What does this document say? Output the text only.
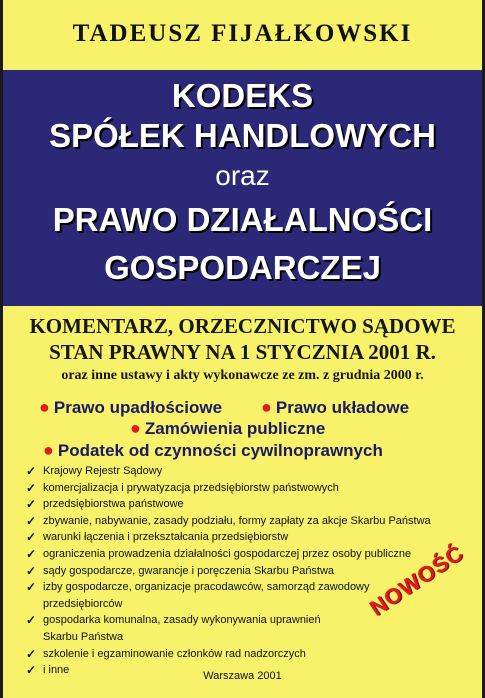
TADEUSZ FIJAŁKOWSKI
KODEKS
SPÓŁEK HANDLOWYCH
oraz
PRAWO DZIAŁALNOŚCI
GOSPODARCZEJ
KOMENTARZ, ORZECZNICTWO SĄDOWE
STAN PRAWNY NA 1 STYCZNIA 2001 R.
oraz inne ustawy i akty wykonawcze ze zm. z grudnia 2000 r.
● Prawo upadłościowe ● Prawo układowe
● Zamówienia publiczne
● Podatek od czynności cywilnoprawnych
✓ Krajowy Rejestr Sądowy
✓ komercjalizacja i prywatyzacja przedsiębiorstw państwowych
✓ przedsiębiorstwa państwowe
✓ zbywanie, nabywanie, zasady podziału, formy zapłaty za akcje Skarbu Państwa
✓ warunki łączenia i przekształcania przedsiębiorstw
✓ ograniczenia prowadzenia działalności gospodarczej przez osoby publiczne
✓ sądy gospodarcze, gwarancje i poręczenia Skarbu Państwa
✓ izby gospodarcze, organizacje pracodawców, samorząd zawodowy
przedsiębiorców
✓ gospodarka komunalna, zasady wykonywania uprawnień
Skarbu Państwa
✓ szkolenie i egzaminowanie członków rad nadzorczych
✓ i inne
NOWOŚĆ
Warszawa 2001
